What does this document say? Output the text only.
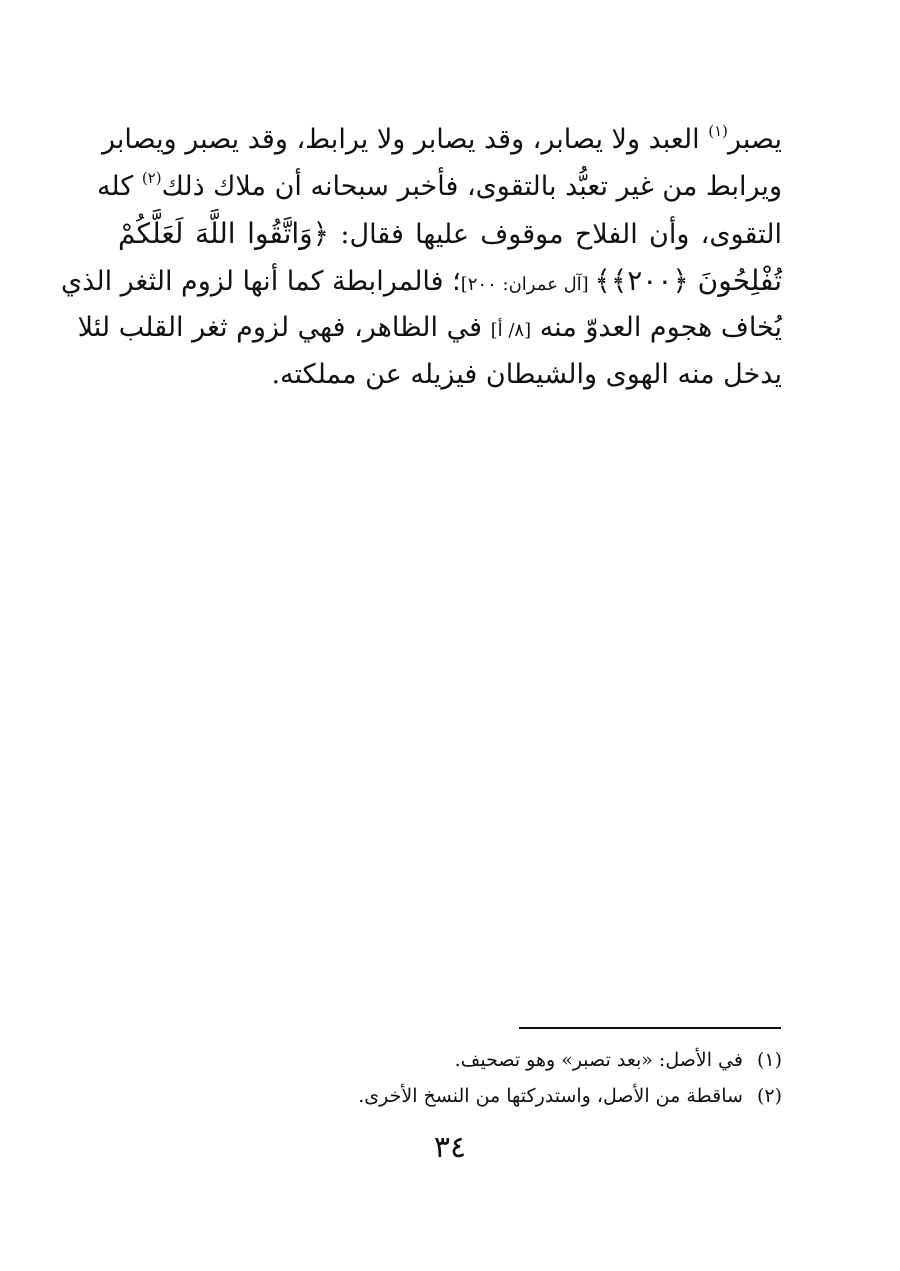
يصبر$^{(١)}$ العبد ولا يصابر، وقد يصابر ولا يرابط، وقد يصبر ويصابر
ويرابط من غير تعبُّد بالتقوى، فأخبر سبحانه أن ملاك ذلك$^{(٢)}$ كله
التقوى، وأن الفلاح موقوف عليها فقال: ﴿وَاتَّقُوا اللَّهَ لَعَلَّكُمْ
تُفْلِحُونَ ﴿٢٠٠﴾﴾ [آل عمران: ٢٠٠]؛ فالمرابطة كما أنها لزوم الثغر الذي
يُخاف هجوم العدوّ منه [٨/ أ] في الظاهر، فهي لزوم ثغر القلب لئلا
يدخل منه الهوى والشيطان فيزيله عن مملكته.
(١)في الأصل: «بعد تصبر» وهو تصحيف.
(٢)ساقطة من الأصل، واستدركتها من النسخ الأخرى.
٣٤
